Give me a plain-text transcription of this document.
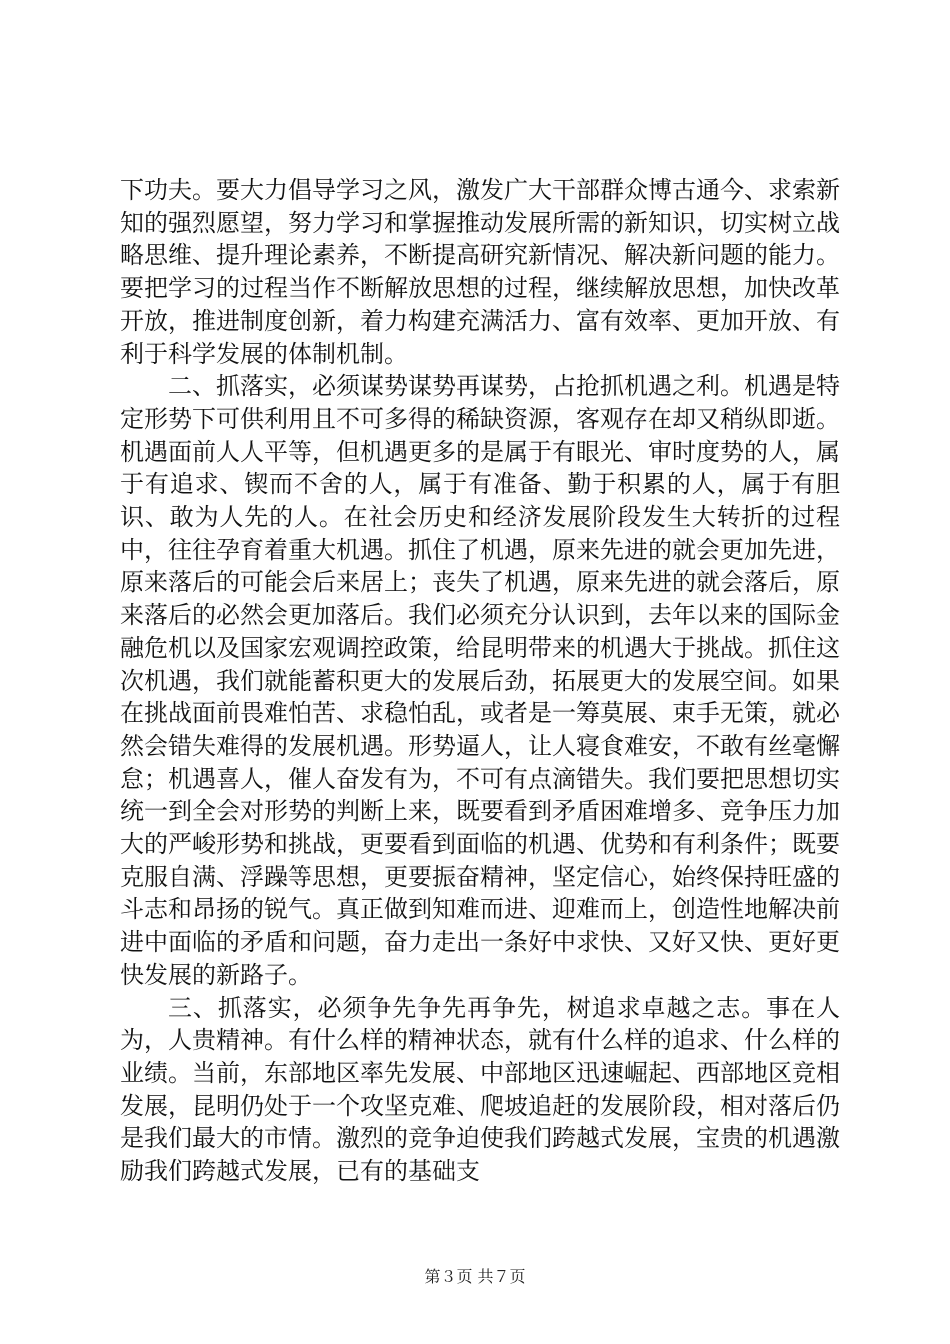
下功夫。要大力倡导学习之风，激发广大干部群众博古通今、求索新知的强烈愿望，努力学习和掌握推动发展所需的新知识，切实树立战略思维、提升理论素养，不断提高研究新情况、解决新问题的能力。要把学习的过程当作不断解放思想的过程，继续解放思想，加快改革开放，推进制度创新，着力构建充满活力、富有效率、更加开放、有利于科学发展的体制机制。

二、抓落实，必须谋势谋势再谋势，占抢抓机遇之利。机遇是特定形势下可供利用且不可多得的稀缺资源，客观存在却又稍纵即逝。机遇面前人人平等，但机遇更多的是属于有眼光、审时度势的人，属于有追求、锲而不舍的人，属于有准备、勤于积累的人，属于有胆识、敢为人先的人。在社会历史和经济发展阶段发生大转折的过程中，往往孕育着重大机遇。抓住了机遇，原来先进的就会更加先进，原来落后的可能会后来居上；丧失了机遇，原来先进的就会落后，原来落后的必然会更加落后。我们必须充分认识到，去年以来的国际金融危机以及国家宏观调控政策，给昆明带来的机遇大于挑战。抓住这次机遇，我们就能蓄积更大的发展后劲，拓展更大的发展空间。如果在挑战面前畏难怕苦、求稳怕乱，或者是一筹莫展、束手无策，就必然会错失难得的发展机遇。形势逼人，让人寝食难安，不敢有丝毫懈怠；机遇喜人，催人奋发有为，不可有点滴错失。我们要把思想切实统一到全会对形势的判断上来，既要看到矛盾困难增多、竞争压力加大的严峻形势和挑战，更要看到面临的机遇、优势和有利条件；既要克服自满、浮躁等思想，更要振奋精神，坚定信心，始终保持旺盛的斗志和昂扬的锐气。真正做到知难而进、迎难而上，创造性地解决前进中面临的矛盾和问题，奋力走出一条好中求快、又好又快、更好更快发展的新路子。

三、抓落实，必须争先争先再争先，树追求卓越之志。事在人为，人贵精神。有什么样的精神状态，就有什么样的追求、什么样的业绩。当前，东部地区率先发展、中部地区迅速崛起、西部地区竞相发展，昆明仍处于一个攻坚克难、爬坡追赶的发展阶段，相对落后仍是我们最大的市情。激烈的竞争迫使我们跨越式发展，宝贵的机遇激励我们跨越式发展，已有的基础支

第３页 共７页
